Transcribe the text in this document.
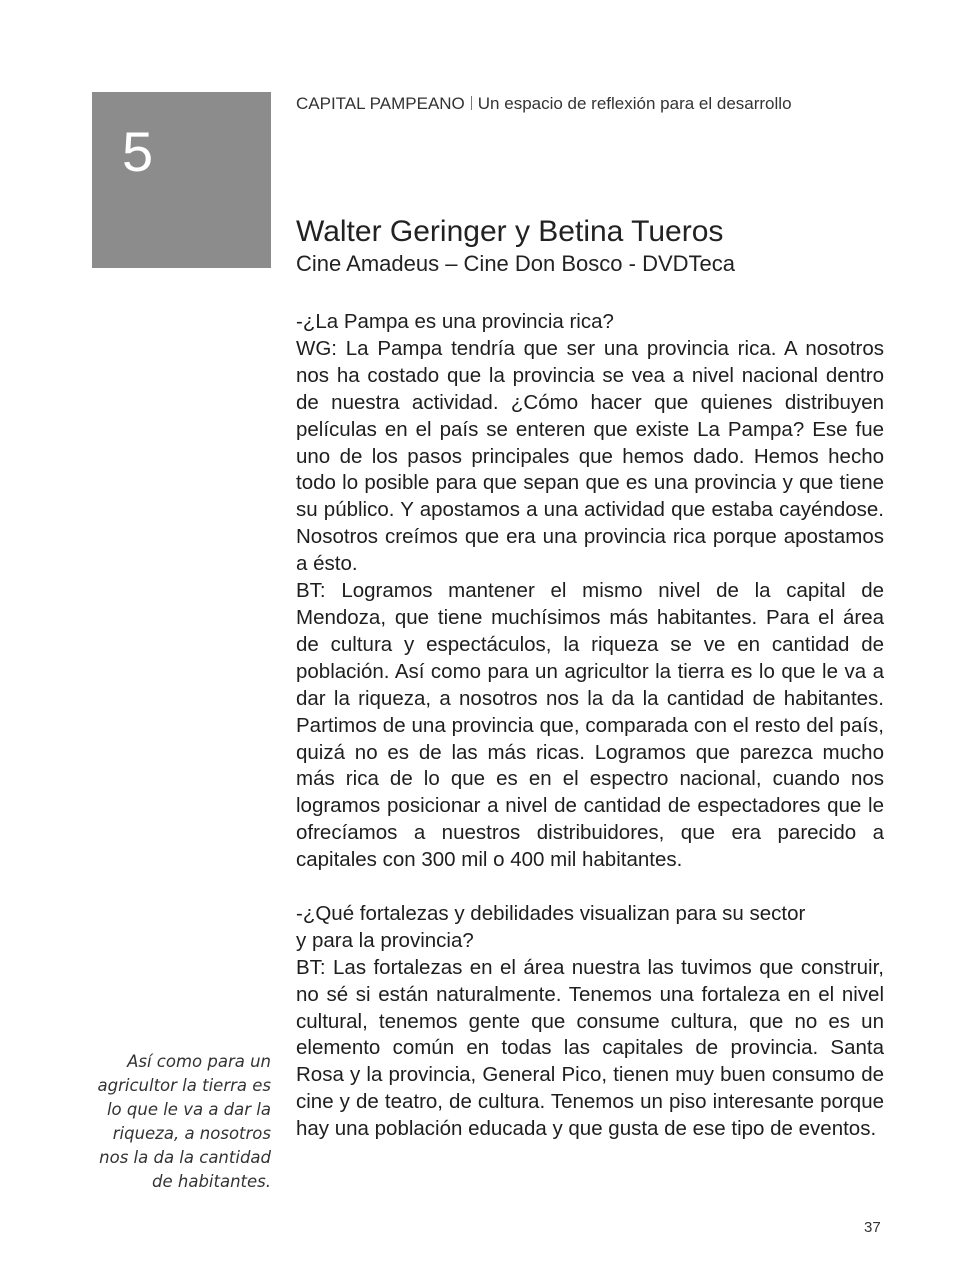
5
CAPITAL PAMPEANO Un espacio de reflexión para el desarrollo
Walter Geringer y Betina Tueros
Cine Amadeus – Cine Don Bosco - DVDTeca

-¿La Pampa es una provincia rica?

WG: La Pampa tendría que ser una provincia rica. A nosotros nos ha costado que la provincia se vea a nivel nacional dentro de nuestra actividad. ¿Cómo hacer que quienes distribuyen películas en el país se enteren que existe La Pampa? Ese fue uno de los pasos principales que hemos dado. Hemos hecho todo lo posible para que sepan que es una provincia y que tiene su público. Y apostamos a una actividad que estaba cayéndose. Nosotros creímos que era una provincia rica porque apostamos a ésto.

BT: Logramos mantener el mismo nivel de la capital de Mendoza, que tiene muchísimos más habitantes. Para el área de cultura y espectáculos, la riqueza se ve en cantidad de población. Así como para un agricultor la tierra es lo que le va a dar la riqueza, a nosotros nos la da la cantidad de habitantes. Partimos de una provincia que, comparada con el resto del país, quizá no es de las más ricas. Logramos que parezca mucho más rica de lo que es en el espectro nacional, cuando nos logramos posicionar a nivel de cantidad de espectadores que le ofrecíamos a nuestros distribuidores, que era parecido a capitales con 300 mil o 400 mil habitantes.

-¿Qué fortalezas y debilidades visualizan para su sector

y para la provincia?

BT: Las fortalezas en el área nuestra las tuvimos que construir, no sé si están naturalmente. Tenemos una fortaleza en el nivel cultural, tenemos gente que consume cultura, que no es un elemento común en todas las capitales de provincia. Santa Rosa y la provincia, General Pico, tienen muy buen consumo de cine y de teatro, de cultura. Tenemos un piso interesante porque hay una población educada y que gusta de ese tipo de eventos.

Así como para un
agricultor la tierra es
lo que le va a dar la
riqueza, a nosotros
nos la da la cantidad
de habitantes.
37
